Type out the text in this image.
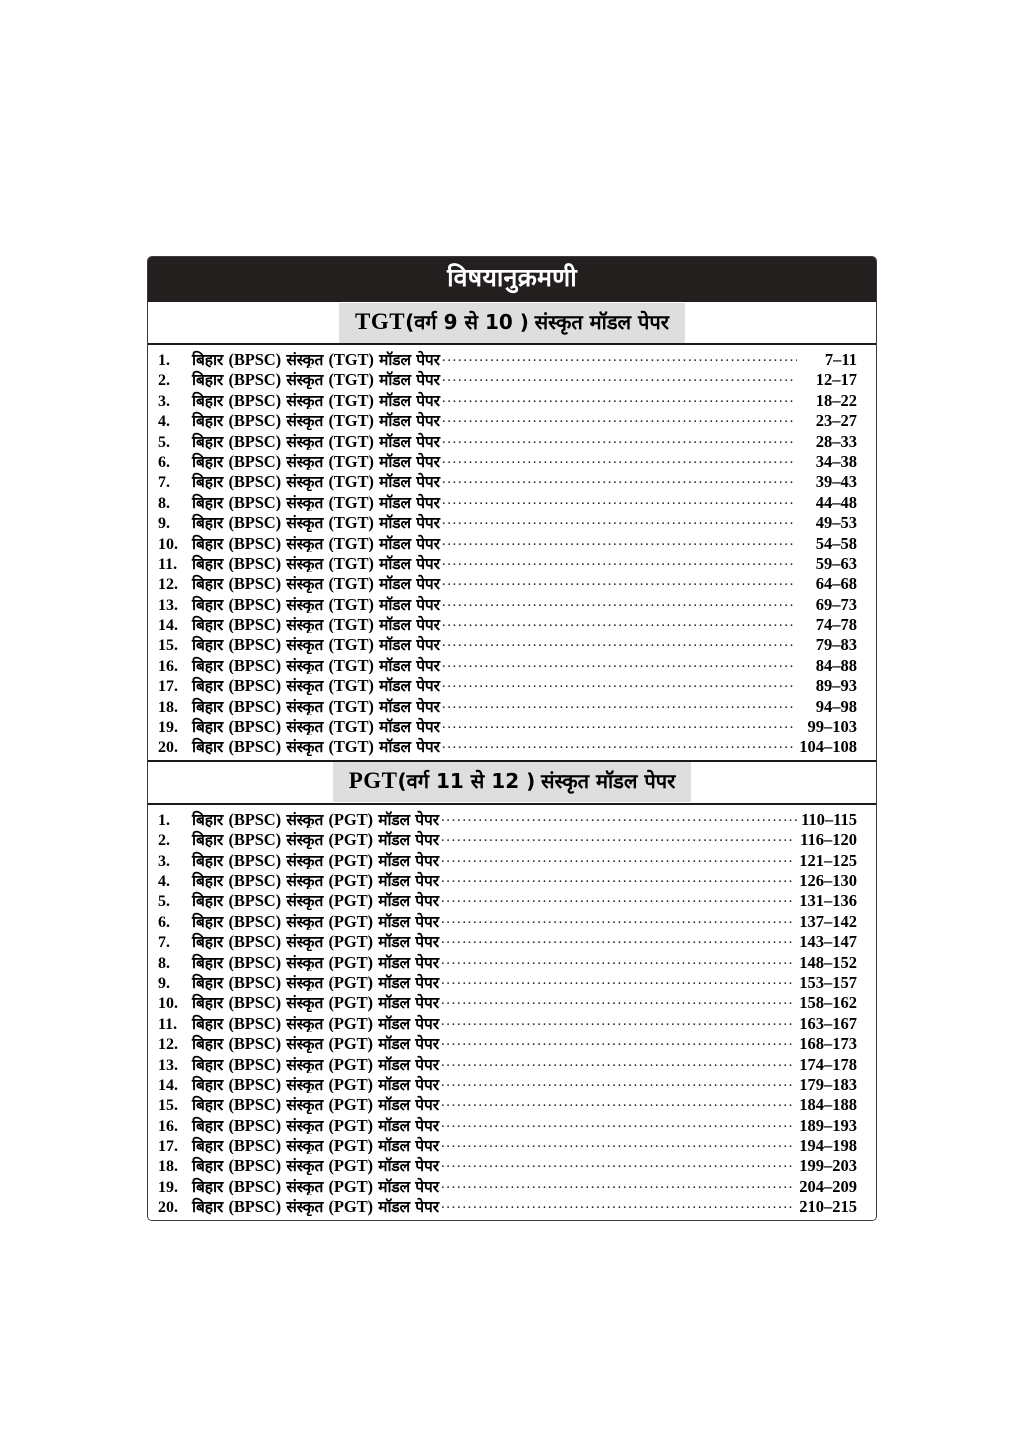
विषयानुक्रमणी
TGT(वर्ग 9 से 10 ) संस्कृत मॉडल पेपर
1.	बिहार (BPSC) संस्कृत (TGT) मॉडल पेपर .....	7–11
2.	बिहार (BPSC) संस्कृत (TGT) मॉडल पेपर .....	12–17
3.	बिहार (BPSC) संस्कृत (TGT) मॉडल पेपर .....	18–22
4.	बिहार (BPSC) संस्कृत (TGT) मॉडल पेपर .....	23–27
5.	बिहार (BPSC) संस्कृत (TGT) मॉडल पेपर .....	28–33
6.	बिहार (BPSC) संस्कृत (TGT) मॉडल पेपर .....	34–38
7.	बिहार (BPSC) संस्कृत (TGT) मॉडल पेपर .....	39–43
8.	बिहार (BPSC) संस्कृत (TGT) मॉडल पेपर .....	44–48
9.	बिहार (BPSC) संस्कृत (TGT) मॉडल पेपर .....	49–53
10. बिहार (BPSC) संस्कृत (TGT) मॉडल पेपर .....	54–58
11. बिहार (BPSC) संस्कृत (TGT) मॉडल पेपर .....	59–63
12. बिहार (BPSC) संस्कृत (TGT) मॉडल पेपर .....	64–68
13. बिहार (BPSC) संस्कृत (TGT) मॉडल पेपर .....	69–73
14. बिहार (BPSC) संस्कृत (TGT) मॉडल पेपर .....	74–78
15. बिहार (BPSC) संस्कृत (TGT) मॉडल पेपर .....	79–83
16. बिहार (BPSC) संस्कृत (TGT) मॉडल पेपर .....	84–88
17. बिहार (BPSC) संस्कृत (TGT) मॉडल पेपर .....	89–93
18. बिहार (BPSC) संस्कृत (TGT) मॉडल पेपर .....	94–98
19. बिहार (BPSC) संस्कृत (TGT) मॉडल पेपर .....	99–103
20. बिहार (BPSC) संस्कृत (TGT) मॉडल पेपर .....	104–108
PGT(वर्ग 11 से 12 ) संस्कृत मॉडल पेपर
1.	बिहार (BPSC) संस्कृत (PGT) मॉडल पेपर .....	110–115
2.	बिहार (BPSC) संस्कृत (PGT) मॉडल पेपर .....	116–120
3.	बिहार (BPSC) संस्कृत (PGT) मॉडल पेपर .....	121–125
4.	बिहार (BPSC) संस्कृत (PGT) मॉडल पेपर .....	126–130
5.	बिहार (BPSC) संस्कृत (PGT) मॉडल पेपर .....	131–136
6.	बिहार (BPSC) संस्कृत (PGT) मॉडल पेपर .....	137–142
7.	बिहार (BPSC) संस्कृत (PGT) मॉडल पेपर .....	143–147
8.	बिहार (BPSC) संस्कृत (PGT) मॉडल पेपर .....	148–152
9.	बिहार (BPSC) संस्कृत (PGT) मॉडल पेपर .....	153–157
10. बिहार (BPSC) संस्कृत (PGT) मॉडल पेपर .....	158–162
11. बिहार (BPSC) संस्कृत (PGT) मॉडल पेपर .....	163–167
12. बिहार (BPSC) संस्कृत (PGT) मॉडल पेपर .....	168–173
13. बिहार (BPSC) संस्कृत (PGT) मॉडल पेपर .....	174–178
14. बिहार (BPSC) संस्कृत (PGT) मॉडल पेपर .....	179–183
15. बिहार (BPSC) संस्कृत (PGT) मॉडल पेपर .....	184–188
16. बिहार (BPSC) संस्कृत (PGT) मॉडल पेपर .....	189–193
17. बिहार (BPSC) संस्कृत (PGT) मॉडल पेपर .....	194–198
18. बिहार (BPSC) संस्कृत (PGT) मॉडल पेपर .....	199–203
19. बिहार (BPSC) संस्कृत (PGT) मॉडल पेपर .....	204–209
20. बिहार (BPSC) संस्कृत (PGT) मॉडल पेपर .....	210–215
